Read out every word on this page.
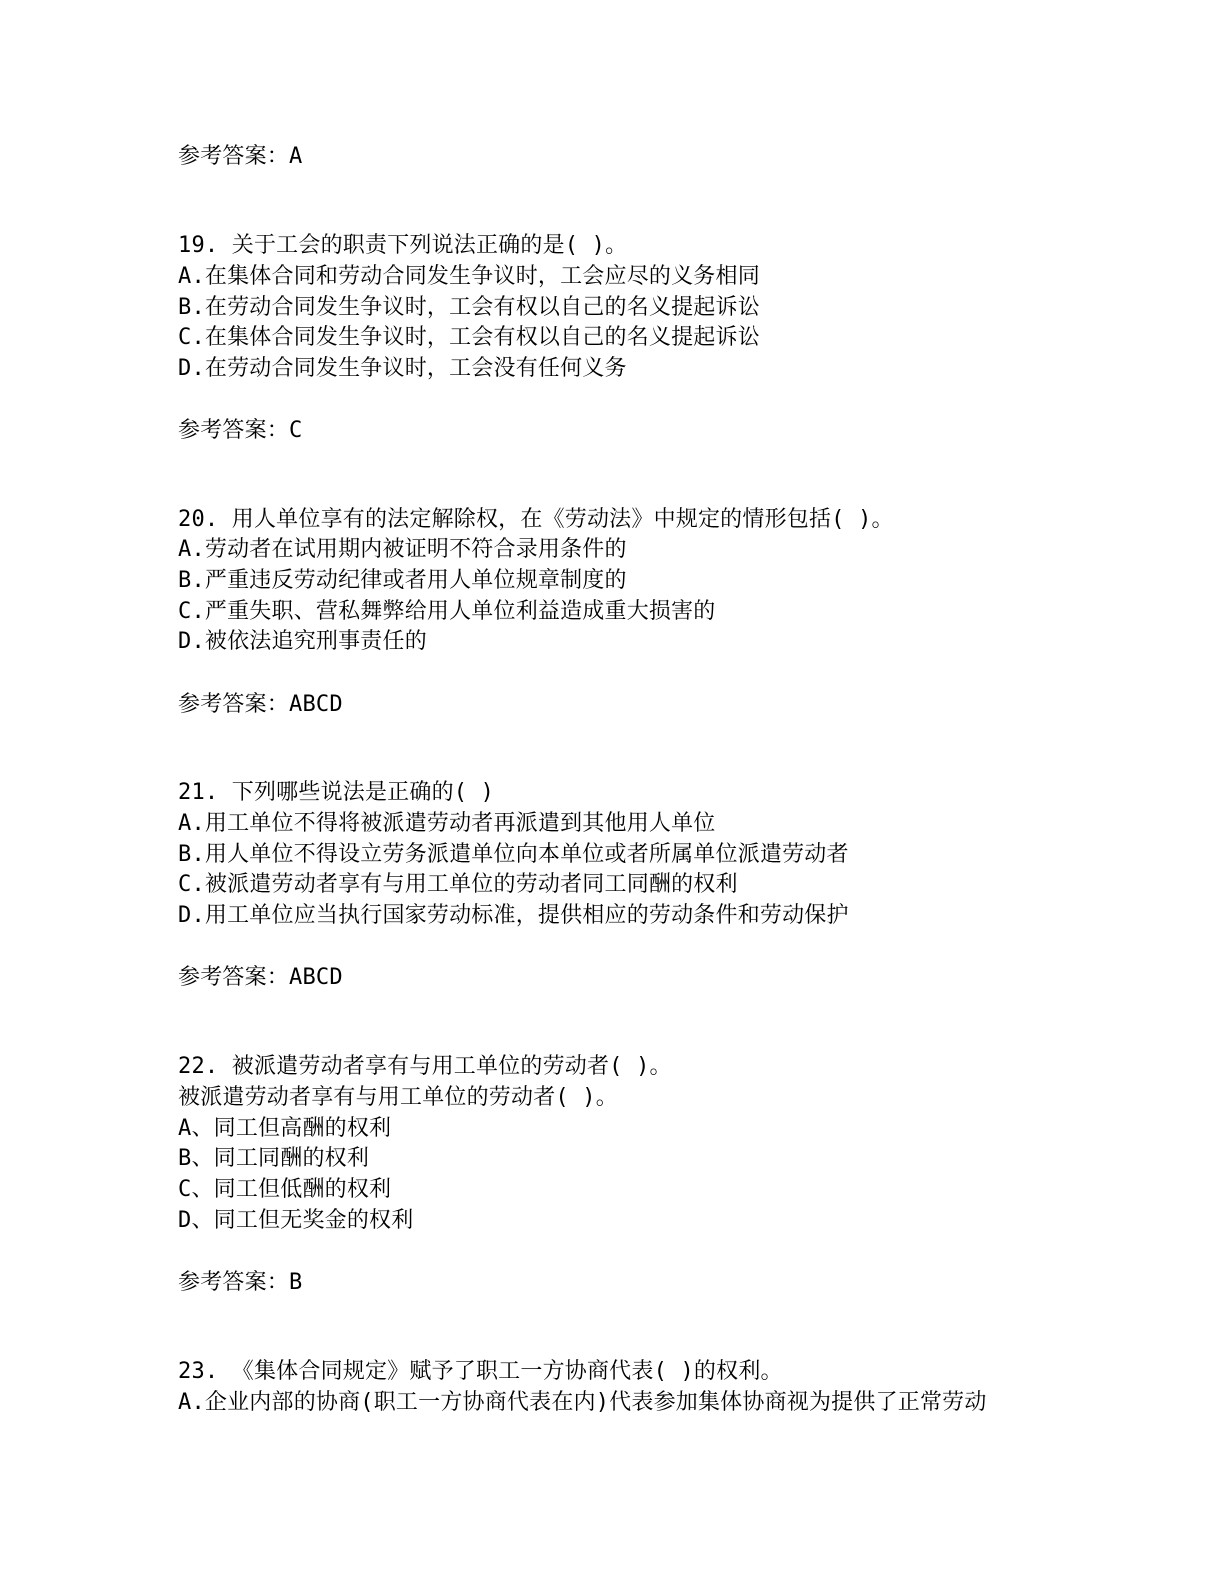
参考答案：A
19. 关于工会的职责下列说法正确的是( )。
A.在集体合同和劳动合同发生争议时，工会应尽的义务相同
B.在劳动合同发生争议时，工会有权以自己的名义提起诉讼
C.在集体合同发生争议时，工会有权以自己的名义提起诉讼
D.在劳动合同发生争议时，工会没有任何义务
参考答案：C
20. 用人单位享有的法定解除权，在《劳动法》中规定的情形包括( )。
A.劳动者在试用期内被证明不符合录用条件的
B.严重违反劳动纪律或者用人单位规章制度的
C.严重失职、营私舞弊给用人单位利益造成重大损害的
D.被依法追究刑事责任的
参考答案：ABCD
21. 下列哪些说法是正确的( )
A.用工单位不得将被派遣劳动者再派遣到其他用人单位
B.用人单位不得设立劳务派遣单位向本单位或者所属单位派遣劳动者
C.被派遣劳动者享有与用工单位的劳动者同工同酬的权利
D.用工单位应当执行国家劳动标准，提供相应的劳动条件和劳动保护
参考答案：ABCD
22. 被派遣劳动者享有与用工单位的劳动者( )。
被派遣劳动者享有与用工单位的劳动者( )。
A、同工但高酬的权利
B、同工同酬的权利
C、同工但低酬的权利
D、同工但无奖金的权利
参考答案：B
23. 《集体合同规定》赋予了职工一方协商代表( )的权利。
A.企业内部的协商(职工一方协商代表在内)代表参加集体协商视为提供了正常劳动
